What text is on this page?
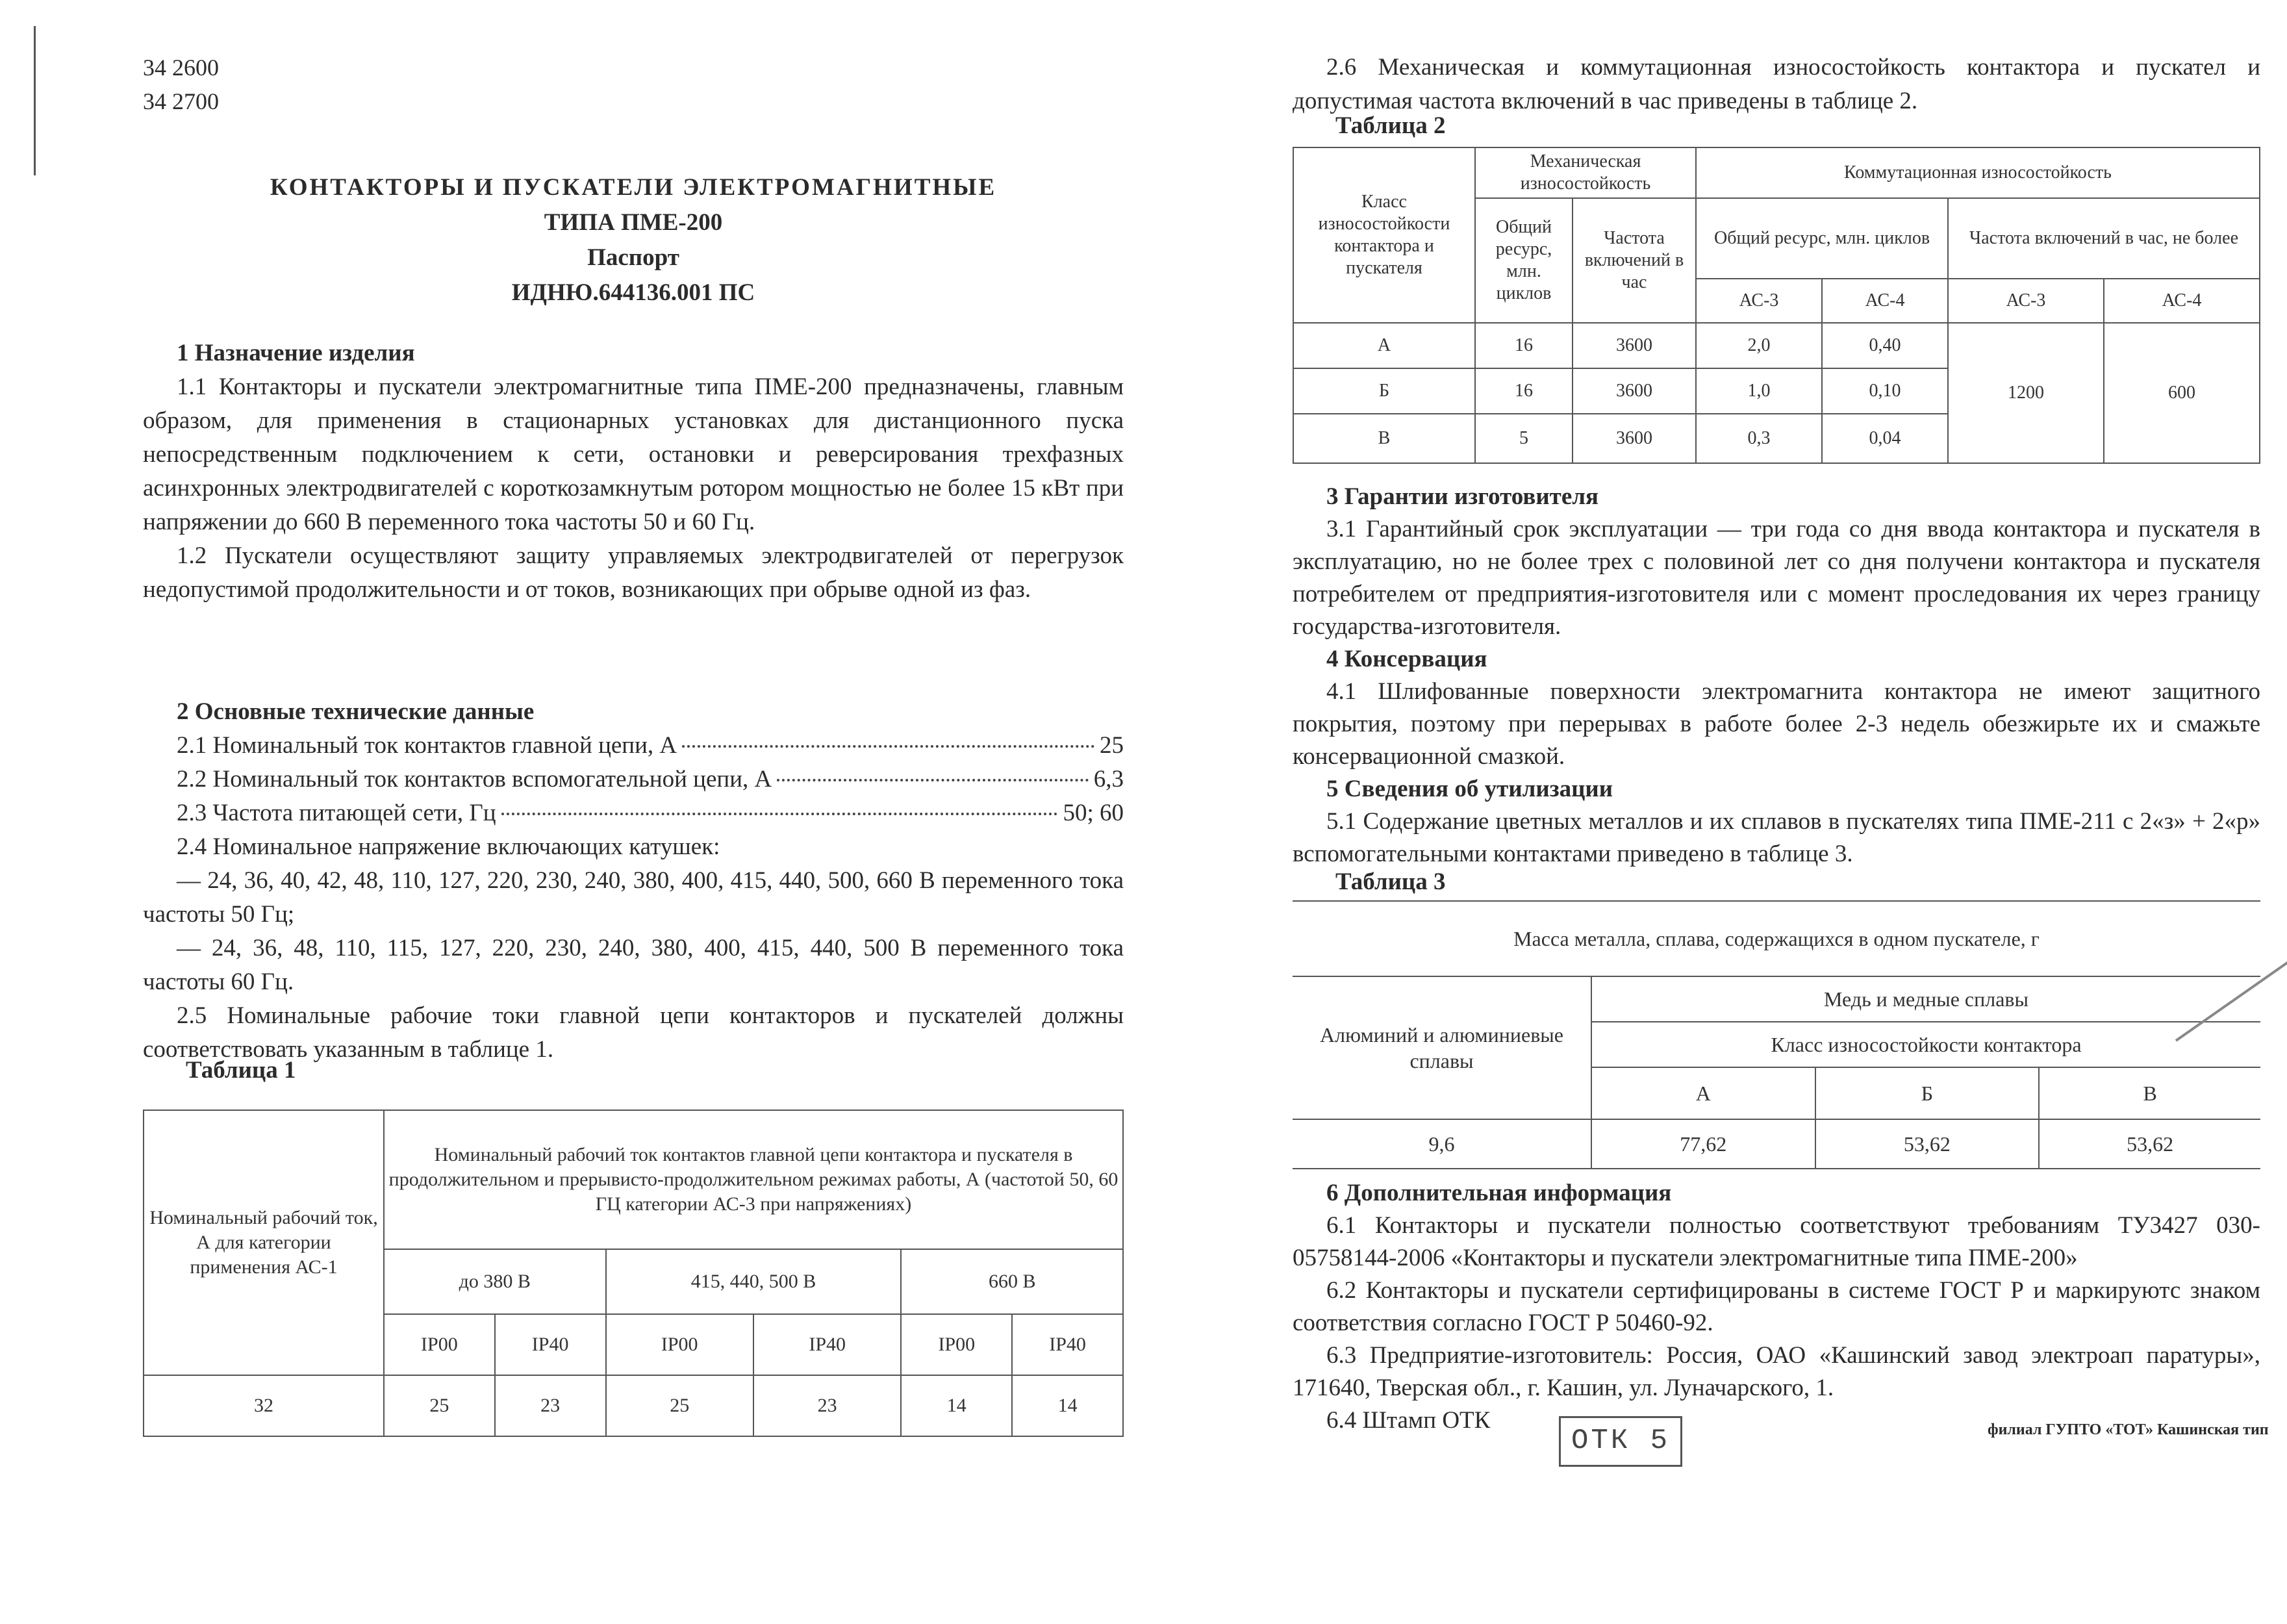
34 2600
34 2700
КОНТАКТОРЫ И ПУСКАТЕЛИ ЭЛЕКТРОМАГНИТНЫЕ
ТИПА ПМЕ-200
Паспорт
ИДНЮ.644136.001 ПС
1 Назначение изделия

1.1 Контакторы и пускатели электромагнитные типа ПМЕ-200 предназначены, главным образом, для применения в стационарных установках для дистанционного пуска непосредственным подключением к сети, остановки и реверсирования трехфазных асинхронных электродвигателей с короткозамкнутым ротором мощностью не более 15 кВт при напряжении до 660 В переменного тока частоты 50 и 60 Гц.

1.2 Пускатели осуществляют защиту управляемых электродвигателей от перегрузок недопустимой продолжительности и от токов, возникающих при обрыве одной из фаз.

2 Основные технические данные
2.1 Номинальный ток контактов главной цепи, А	25
2.2 Номинальный ток контактов вспомогательной цепи, А	6,3
2.3 Частота питающей сети, Гц	50; 60

2.4 Номинальное напряжение включающих катушек:

— 24, 36, 40, 42, 48, 110, 127, 220, 230, 240, 380, 400, 415, 440, 500, 660 В переменного тока частоты 50 Гц;

— 24, 36, 48, 110, 115, 127, 220, 230, 240, 380, 400, 415, 440, 500 В переменного тока частоты 60 Гц.

2.5 Номинальные рабочие токи главной цепи контакторов и пускателей должны соответствовать указанным в таблице 1.

Таблица 1
Номинальный рабочий ток, А для категории применения АС-1	Номинальный рабочий ток контактов главной цепи контактора и пускателя в продолжительном и прерывисто-продолжительном режимах работы, А (частотой 50, 60 ГЦ категории АС-3 при напряжениях)					
	до 380 В		415, 440, 500 В		660 В	
	IP00	IP40	IP00	IP40	IP00	IP40
32	25	23	25	23	14	14

2.6 Механическая и коммутационная износостойкость контактора и пускател и допустимая частота включений в час приведены в таблице 2.

Таблица 2
Класс износостойкости контактора и пускателя	Механическая износостойкость		Коммутационная износостойкость			
	Общий ресурс, млн. циклов	Частота включений в час	Общий ресурс, млн. циклов		Частота включений в час, не более	
			АС-3	АС-4	АС-3	АС-4
А	16	3600	2,0	0,40	1200	600
Б	16	3600	1,0	0,10		
В	5	3600	0,3	0,04		
3 Гарантии изготовителя

3.1 Гарантийный срок эксплуатации — три года со дня ввода контактора и пускателя в эксплуатацию, но не более трех с половиной лет со дня получени контактора и пускателя потребителем от предприятия-изготовителя или с момент проследования их через границу государства-изготовителя.

4 Консервация

4.1 Шлифованные поверхности электромагнита контактора не имеют защитного покрытия, поэтому при перерывах в работе более 2-3 недель обезжирьте их и смажьте консервационной смазкой.

5 Сведения об утилизации

5.1 Содержание цветных металлов и их сплавов в пускателях типа ПМЕ-211 с 2«з» + 2«р» вспомогательными контактами приведено в таблице 3.

Таблица 3
Масса металла, сплава, содержащихся в одном пускателе, г			
Алюминий и алюминиевые сплавы	Медь и медные сплавы		
	Класс износостойкости контактора		
	А	Б	В
9,6	77,62	53,62	53,62
6 Дополнительная информация

6.1 Контакторы и пускатели полностью соответствуют требованиям ТУ3427 030-05758144-2006 «Контакторы и пускатели электромагнитные типа ПМЕ-200»

6.2 Контакторы и пускатели сертифицированы в системе ГОСТ Р и маркируютс знаком соответствия согласно ГОСТ Р 50460-92.

6.3 Предприятие-изготовитель: Россия, ОАО «Кашинский завод электроап паратуры», 171640, Тверская обл., г. Кашин, ул. Луначарского, 1.

6.4 Штамп ОТК

ОТК 5	филиал ГУПТО «ТОТ» Кашинская тип
